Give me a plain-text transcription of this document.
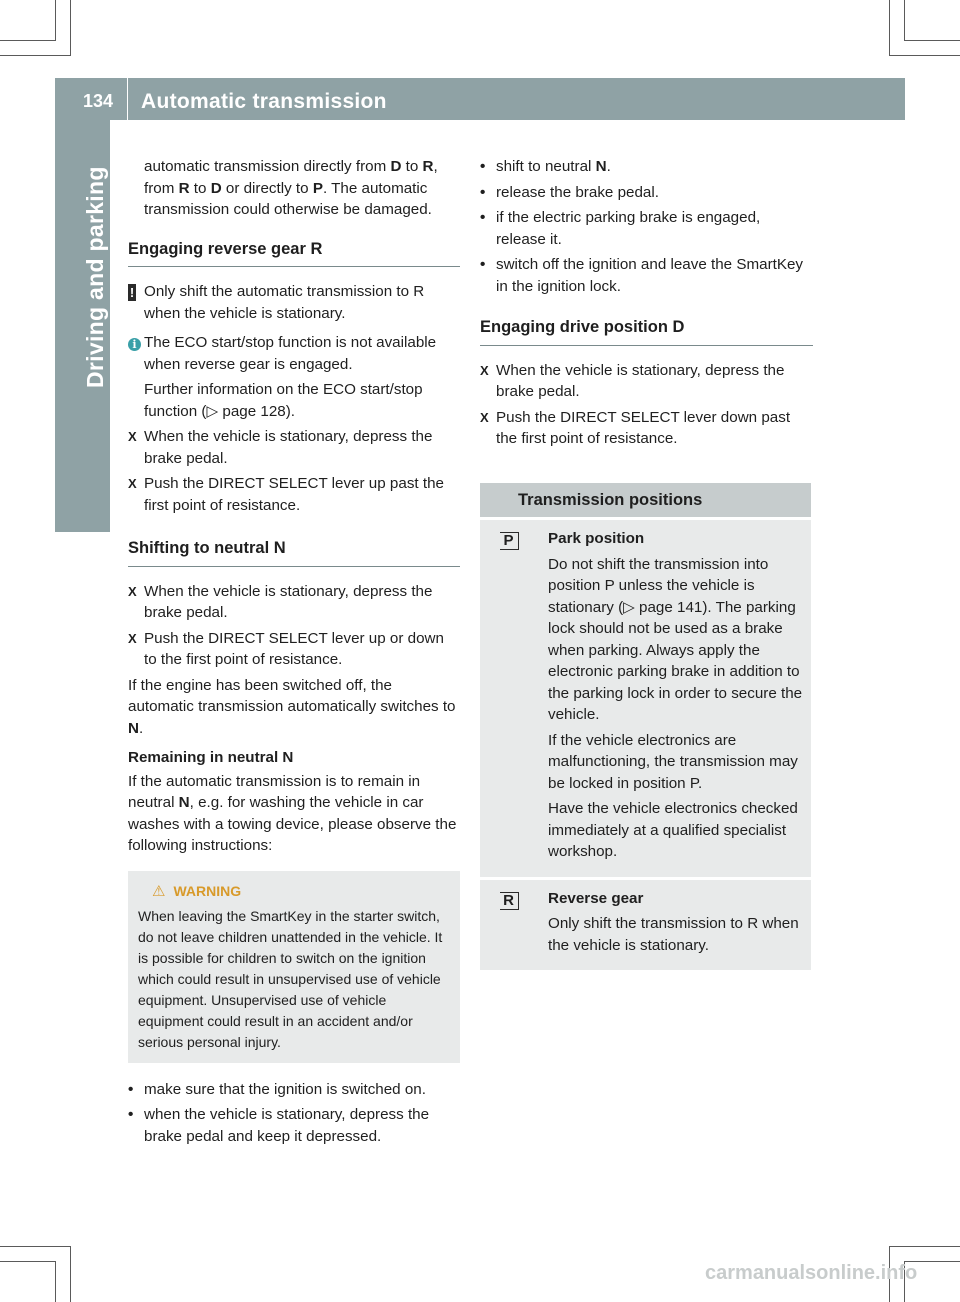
134 Automatic transmission
Driving and parking	automatic transmission directly from D to R, from R to D or directly to P. The automatic transmission could otherwise be damaged.

Engaging reverse gear R
! Only shift the automatic transmission to R when the vehicle is stationary.
i The ECO start/stop function is not available when reverse gear is engaged.

Further information on the ECO start/stop function (▷ page 128).

X When the vehicle is stationary, depress the brake pedal.
X Push the DIRECT SELECT lever up past the first point of resistance.
Shifting to neutral N
X When the vehicle is stationary, depress the brake pedal.
X Push the DIRECT SELECT lever up or down to the first point of resistance.

If the engine has been switched off, the automatic transmission automatically switches to N.

Remaining in neutral N

If the automatic transmission is to remain in neutral N, e.g. for washing the vehicle in car washes with a towing device, please observe the following instructions:

⚠ WARNING
When leaving the SmartKey in the starter switch, do not leave children unattended in the vehicle. It is possible for children to switch on the ignition which could result in unsupervised use of vehicle equipment. Unsupervised use of vehicle equipment could result in an accident and/or serious personal injury.
• make sure that the ignition is switched on.
• when the vehicle is stationary, depress the brake pedal and keep it depressed.
• shift to neutral N.
• release the brake pedal.
• if the electric parking brake is engaged, release it.
• switch off the ignition and leave the SmartKey in the ignition lock.
Engaging drive position D
X When the vehicle is stationary, depress the brake pedal.
X Push the DIRECT SELECT lever down past the first point of resistance.
Transmission positions
P	Park position

Do not shift the transmission into position P unless the vehicle is stationary (▷ page 141). The parking lock should not be used as a brake when parking. Always apply the electronic parking brake in addition to the parking lock in order to secure the vehicle.

If the vehicle electronics are malfunctioning, the transmission may be locked in position P.

Have the vehicle electronics checked immediately at a qualified specialist workshop.

R	Reverse gear

Only shift the transmission to R when the vehicle is stationary.

carmanualsonline.info
